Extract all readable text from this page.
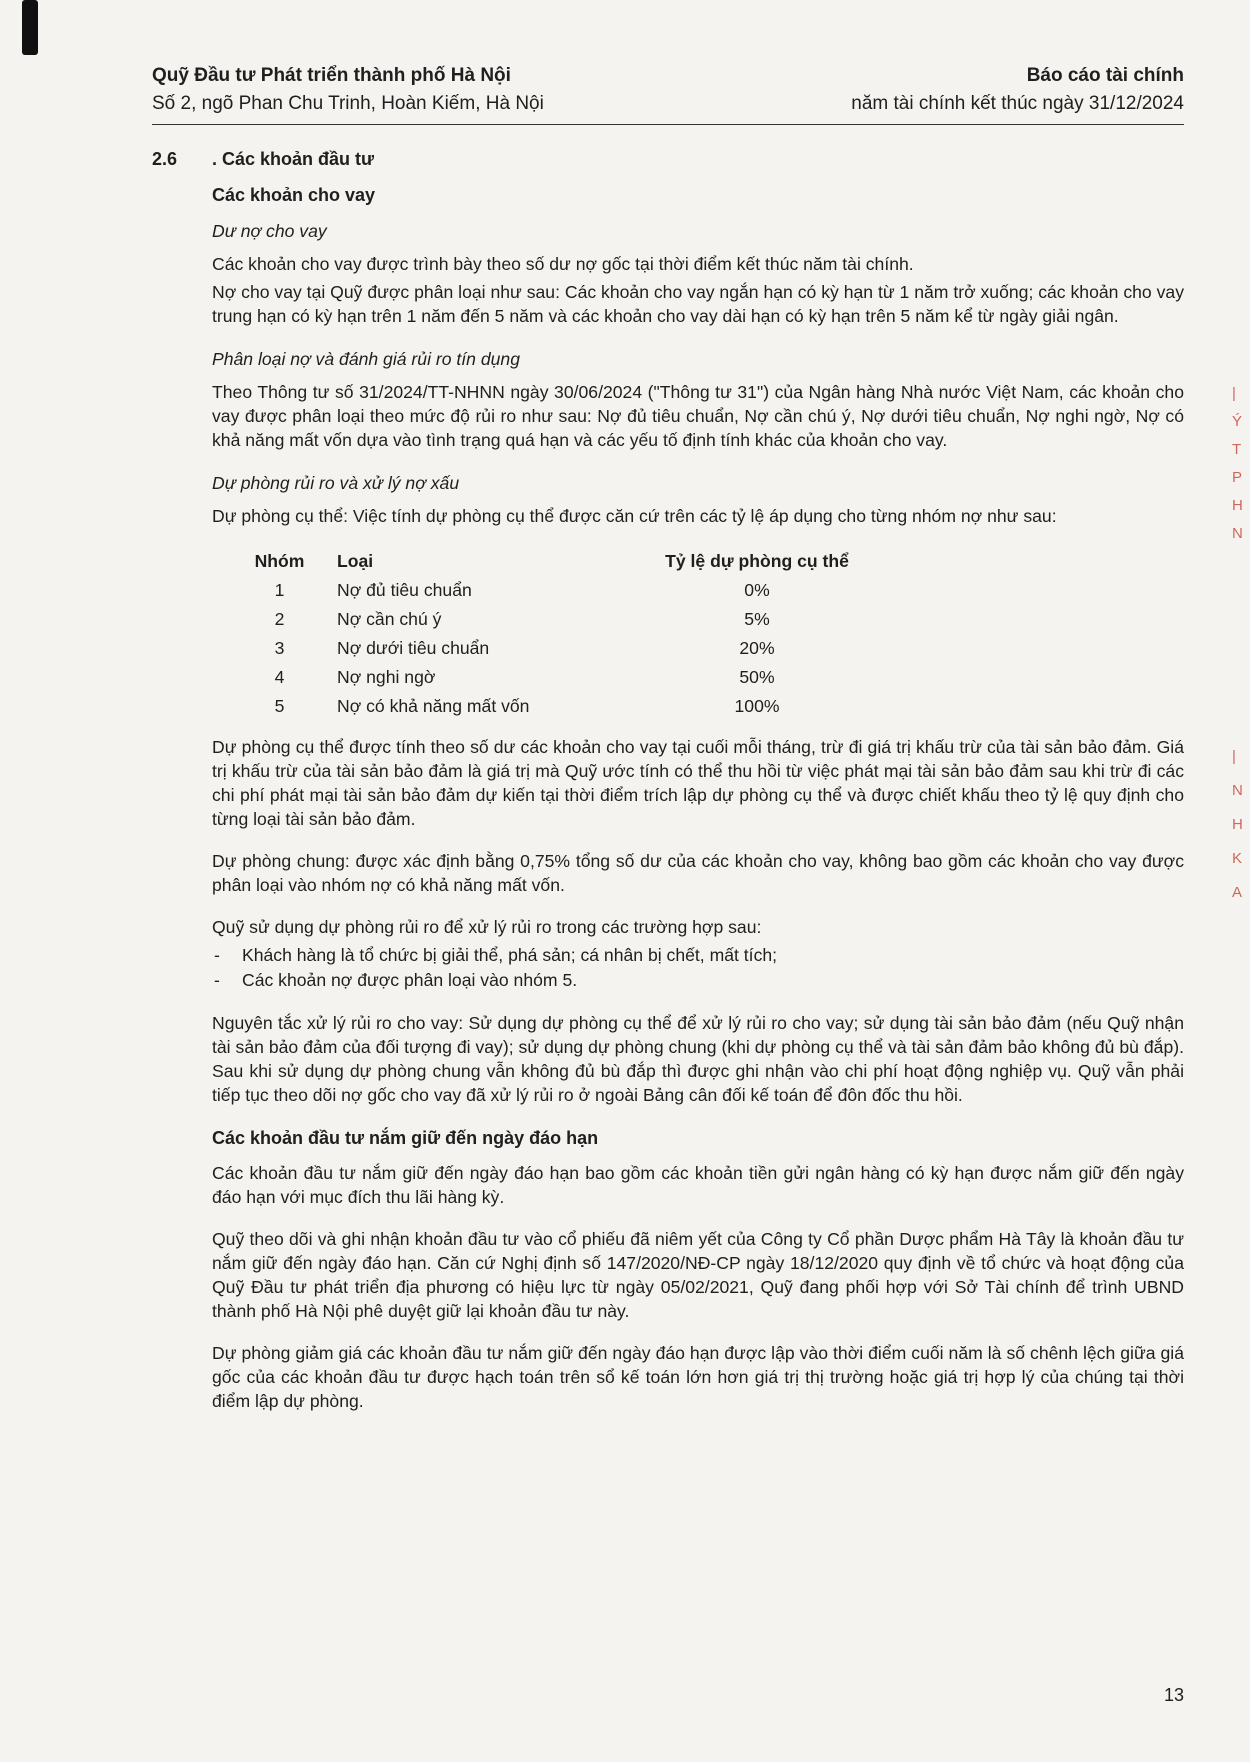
Quỹ Đầu tư Phát triển thành phố Hà Nội
Số 2, ngõ Phan Chu Trinh, Hoàn Kiếm, Hà Nội
Báo cáo tài chính
năm tài chính kết thúc ngày 31/12/2024
2.6 . Các khoản đầu tư
Các khoản cho vay
Dư nợ cho vay

Các khoản cho vay được trình bày theo số dư nợ gốc tại thời điểm kết thúc năm tài chính.

Nợ cho vay tại Quỹ được phân loại như sau: Các khoản cho vay ngắn hạn có kỳ hạn từ 1 năm trở xuống; các khoản cho vay trung hạn có kỳ hạn trên 1 năm đến 5 năm và các khoản cho vay dài hạn có kỳ hạn trên 5 năm kể từ ngày giải ngân.

Phân loại nợ và đánh giá rủi ro tín dụng

Theo Thông tư số 31/2024/TT-NHNN ngày 30/06/2024 ("Thông tư 31") của Ngân hàng Nhà nước Việt Nam, các khoản cho vay được phân loại theo mức độ rủi ro như sau: Nợ đủ tiêu chuẩn, Nợ cần chú ý, Nợ dưới tiêu chuẩn, Nợ nghi ngờ, Nợ có khả năng mất vốn dựa vào tình trạng quá hạn và các yếu tố định tính khác của khoản cho vay.

Dự phòng rủi ro và xử lý nợ xấu

Dự phòng cụ thể: Việc tính dự phòng cụ thể được căn cứ trên các tỷ lệ áp dụng cho từng nhóm nợ như sau:

Nhóm	Loại	Tỷ lệ dự phòng cụ thể
1	Nợ đủ tiêu chuẩn	0%
2	Nợ cần chú ý	5%
3	Nợ dưới tiêu chuẩn	20%
4	Nợ nghi ngờ	50%
5	Nợ có khả năng mất vốn	100%

Dự phòng cụ thể được tính theo số dư các khoản cho vay tại cuối mỗi tháng, trừ đi giá trị khấu trừ của tài sản bảo đảm. Giá trị khấu trừ của tài sản bảo đảm là giá trị mà Quỹ ước tính có thể thu hồi từ việc phát mại tài sản bảo đảm sau khi trừ đi các chi phí phát mại tài sản bảo đảm dự kiến tại thời điểm trích lập dự phòng cụ thể và được chiết khấu theo tỷ lệ quy định cho từng loại tài sản bảo đảm.

Dự phòng chung: được xác định bằng 0,75% tổng số dư của các khoản cho vay, không bao gồm các khoản cho vay được phân loại vào nhóm nợ có khả năng mất vốn.

Quỹ sử dụng dự phòng rủi ro để xử lý rủi ro trong các trường hợp sau:

- Khách hàng là tổ chức bị giải thể, phá sản; cá nhân bị chết, mất tích;
- Các khoản nợ được phân loại vào nhóm 5.

Nguyên tắc xử lý rủi ro cho vay: Sử dụng dự phòng cụ thể để xử lý rủi ro cho vay; sử dụng tài sản bảo đảm (nếu Quỹ nhận tài sản bảo đảm của đối tượng đi vay); sử dụng dự phòng chung (khi dự phòng cụ thể và tài sản đảm bảo không đủ bù đắp). Sau khi sử dụng dự phòng chung vẫn không đủ bù đắp thì được ghi nhận vào chi phí hoạt động nghiệp vụ. Quỹ vẫn phải tiếp tục theo dõi nợ gốc cho vay đã xử lý rủi ro ở ngoài Bảng cân đối kế toán để đôn đốc thu hồi.

Các khoản đầu tư nắm giữ đến ngày đáo hạn

Các khoản đầu tư nắm giữ đến ngày đáo hạn bao gồm các khoản tiền gửi ngân hàng có kỳ hạn được nắm giữ đến ngày đáo hạn với mục đích thu lãi hàng kỳ.

Quỹ theo dõi và ghi nhận khoản đầu tư vào cổ phiếu đã niêm yết của Công ty Cổ phần Dược phẩm Hà Tây là khoản đầu tư nắm giữ đến ngày đáo hạn. Căn cứ Nghị định số 147/2020/NĐ-CP ngày 18/12/2020 quy định về tổ chức và hoạt động của Quỹ Đầu tư phát triển địa phương có hiệu lực từ ngày 05/02/2021, Quỹ đang phối hợp với Sở Tài chính để trình UBND thành phố Hà Nội phê duyệt giữ lại khoản đầu tư này.

Dự phòng giảm giá các khoản đầu tư nắm giữ đến ngày đáo hạn được lập vào thời điểm cuối năm là số chênh lệch giữa giá gốc của các khoản đầu tư được hạch toán trên sổ kế toán lớn hơn giá trị thị trường hoặc giá trị hợp lý của chúng tại thời điểm lập dự phòng.

13
|
Ý
T
P
H
N
|
N
H
K
A
